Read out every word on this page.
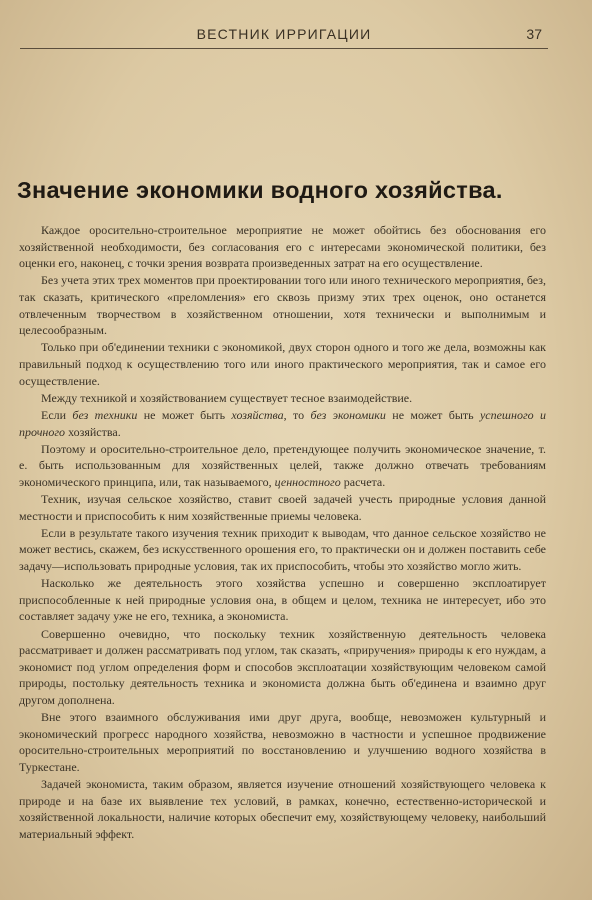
ВЕСТНИК ИРРИГАЦИИ	37
Значение экономики водного хозяйства.

Каждое оросительно-строительное мероприятие не может обойтись без обоснования его хозяйственной необходимости, без согласования его с интересами экономической политики, без оценки его, наконец, с точки зрения возврата произведенных затрат на его осуществление.

Без учета этих трех моментов при проектировании того или иного технического мероприятия, без, так сказать, критического «преломления» его сквозь призму этих трех оценок, оно останется отвлеченным творчеством в хозяйственном отношении, хотя технически и выполнимым и целесообразным.

Только при об'единении техники с экономикой, двух сторон одного и того же дела, возможны как правильный подход к осуществлению того или иного практического мероприятия, так и самое его осуществление.

Между техникой и хозяйствованием существует тесное взаимодействие.

Если без техники не может быть хозяйства, то без экономики не может быть успешного и прочного хозяйства.

Поэтому и оросительно-строительное дело, претендующее получить экономическое значение, т. е. быть использованным для хозяйственных целей, также должно отвечать требованиям экономического принципа, или, так называемого, ценностного расчета.

Техник, изучая сельское хозяйство, ставит своей задачей учесть природные условия данной местности и приспособить к ним хозяйственные приемы человека.

Если в результате такого изучения техник приходит к выводам, что данное сельское хозяйство не может вестись, скажем, без искусственного орошения его, то практически он и должен поставить себе задачу—использовать природные условия, так их приспособить, чтобы это хозяйство могло жить.

Насколько же деятельность этого хозяйства успешно и совершенно эксплоатирует приспособленные к ней природные условия она, в общем и целом, техника не интересует, ибо это составляет задачу уже не его, техника, а экономиста.

Совершенно очевидно, что поскольку техник хозяйственную деятельность человека рассматривает и должен рассматривать под углом, так сказать, «приручения» природы к его нуждам, а экономист под углом определения форм и способов эксплоатации хозяйствующим человеком самой природы, постольку деятельность техника и экономиста должна быть об'единена и взаимно друг другом дополнена.

Вне этого взаимного обслуживания ими друг друга, вообще, невозможен культурный и экономический прогресс народного хозяйства, невозможно в частности и успешное продвижение оросительно-строительных мероприятий по восстановлению и улучшению водного хозяйства в Туркестане.

Задачей экономиста, таким образом, является изучение отношений хозяйствующего человека к природе и на базе их выявление тех условий, в рамках, конечно, естественно-исторической и хозяйственной локальности, наличие которых обеспечит ему, хозяйствующему человеку, наибольший материальный эффект.
